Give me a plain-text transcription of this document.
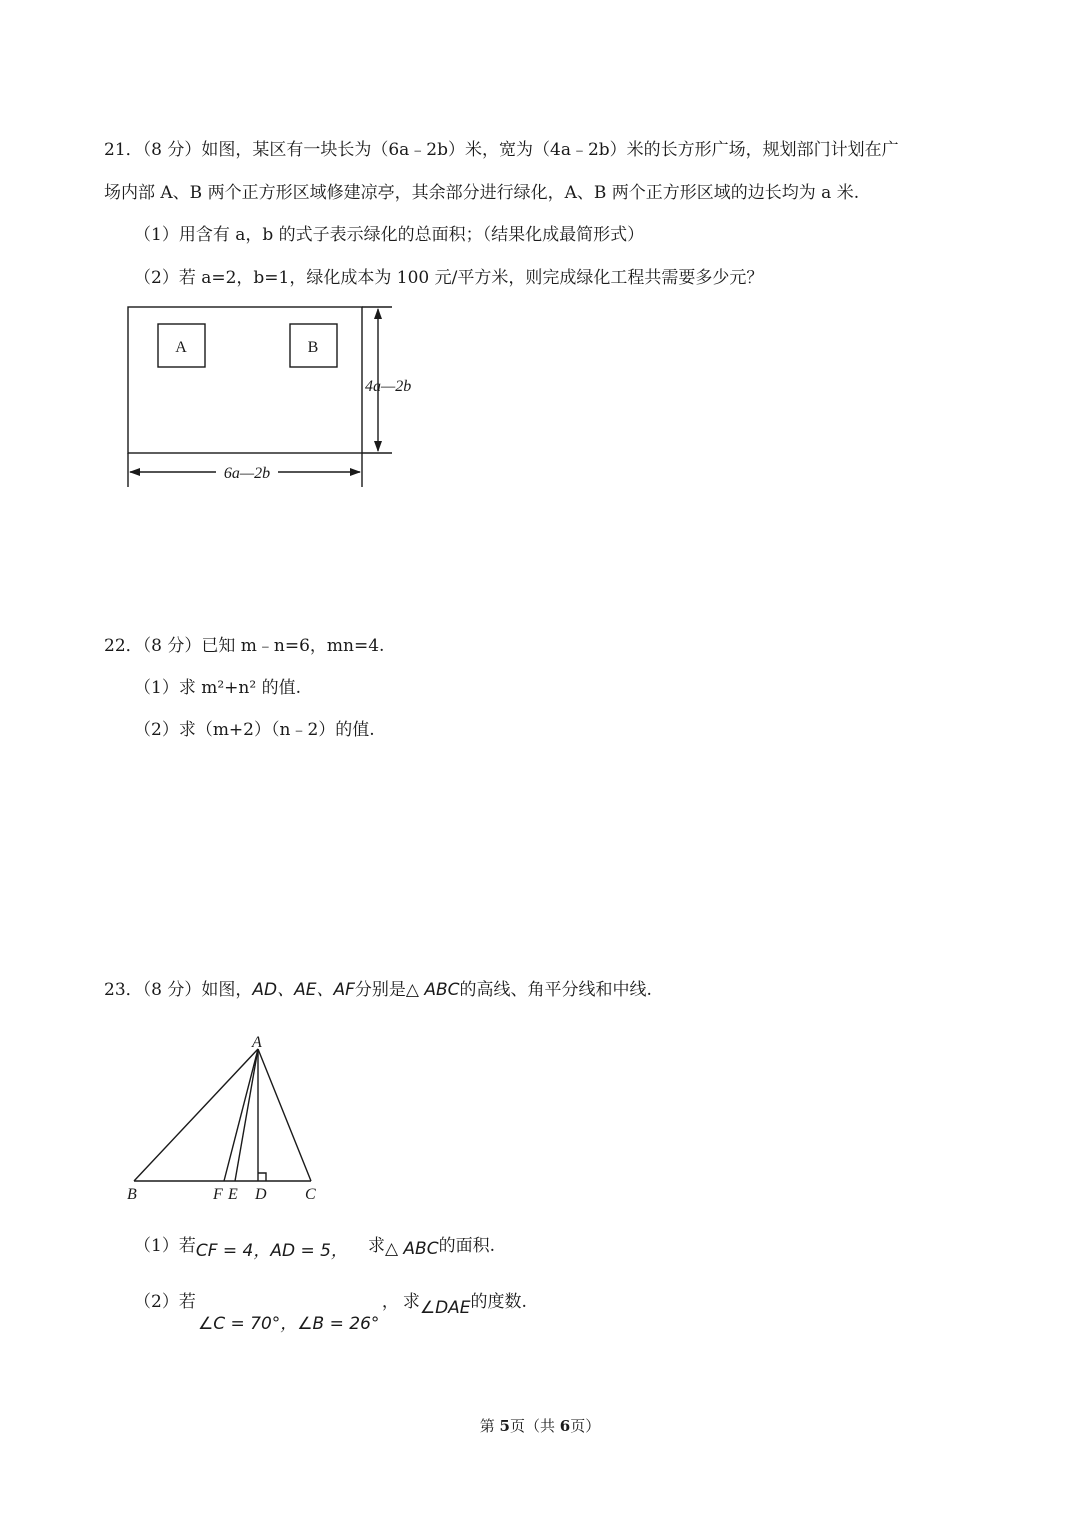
21．（8 分）如图，某区有一块长为（6a﹣2b）米，宽为（4a﹣2b）米的长方形广场，规划部门计划在广
场内部 A、B 两个正方形区域修建凉亭，其余部分进行绿化，A、B 两个正方形区域的边长均为 a 米.
（1）用含有 a，b 的式子表示绿化的总面积；（结果化成最简形式）
（2）若 a=2，b=1，绿化成本为 100 元/平方米，则完成绿化工程共需要多少元？
A	B
4a—2b
6a—2b
22．（8 分）已知 m﹣n=6，mn=4.
（1）求 m²+n² 的值.
（2）求（m+2）（n﹣2）的值.
23．（8 分）如图，AD、AE、AF分别是△ ABC的高线、角平分线和中线.
A
B	F E D C
（1）若CF = 4，AD = 5， 求△ ABC的面积.
（2）若	， 求∠DAE的度数.
∠C = 70°，∠B = 26°
第 5页（共 6页）
